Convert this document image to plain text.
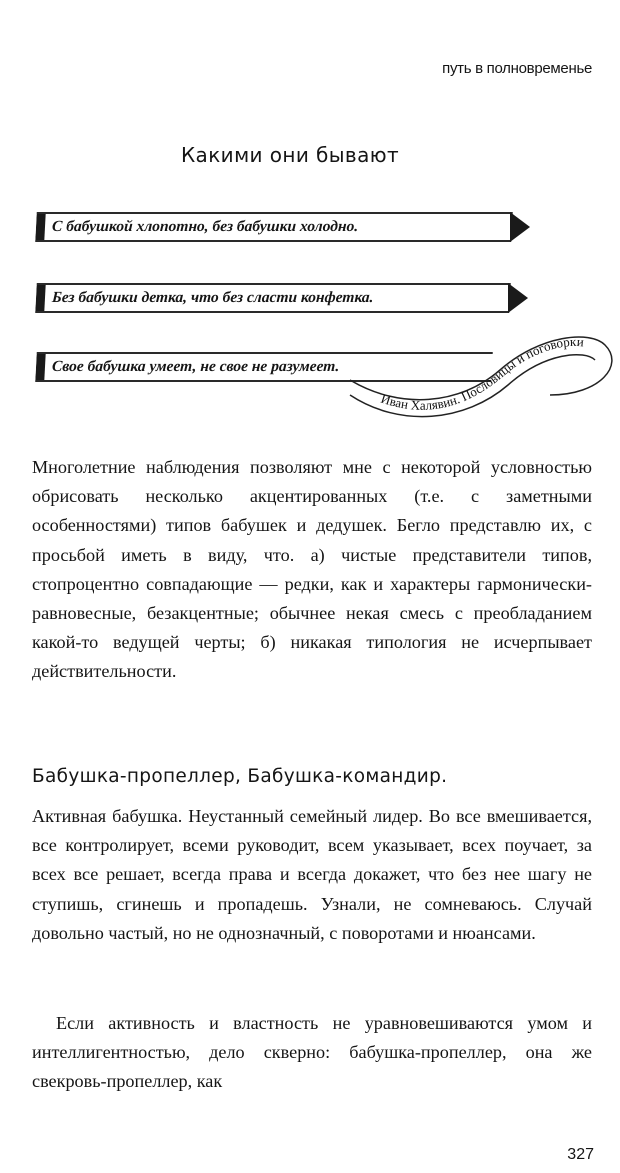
путь в полновременье
Какими они бывают
С бабушкой хлопотно, без бабушки холодно.
Без бабушки детка, что без сласти конфетка.
Свое бабушка умеет, не свое не разумеет.
Иван Халявин. Пословицы и поговорки
Многолетние наблюдения позволяют мне с некоторой условностью обрисовать несколько акцентированных (т.е. с заметными особенностями) типов бабушек и дедушек. Бегло представлю их, с просьбой иметь в виду, что. а) чистые представители типов, стопроцентно совпадающие — редки, как и характеры гармонически-равновесные, безакцентные; обычнее некая смесь с преобладанием какой-то ведущей черты; б) никакая типология не исчерпывает действительности.
Бабушка-пропеллер, Бабушка-командир.
Активная бабушка. Неустанный семейный лидер. Во все вмешивается, все контролирует, всеми руководит, всем указывает, всех поучает, за всех все решает, всегда права и всегда докажет, что без нее шагу не ступишь, сгинешь и пропадешь. Узнали, не сомневаюсь. Случай довольно частый, но не однозначный, с поворотами и нюансами.
Если активность и властность не уравновешиваются умом и интеллигентностью, дело скверно: бабушка-пропеллер, она же свекровь-пропеллер, как
327
